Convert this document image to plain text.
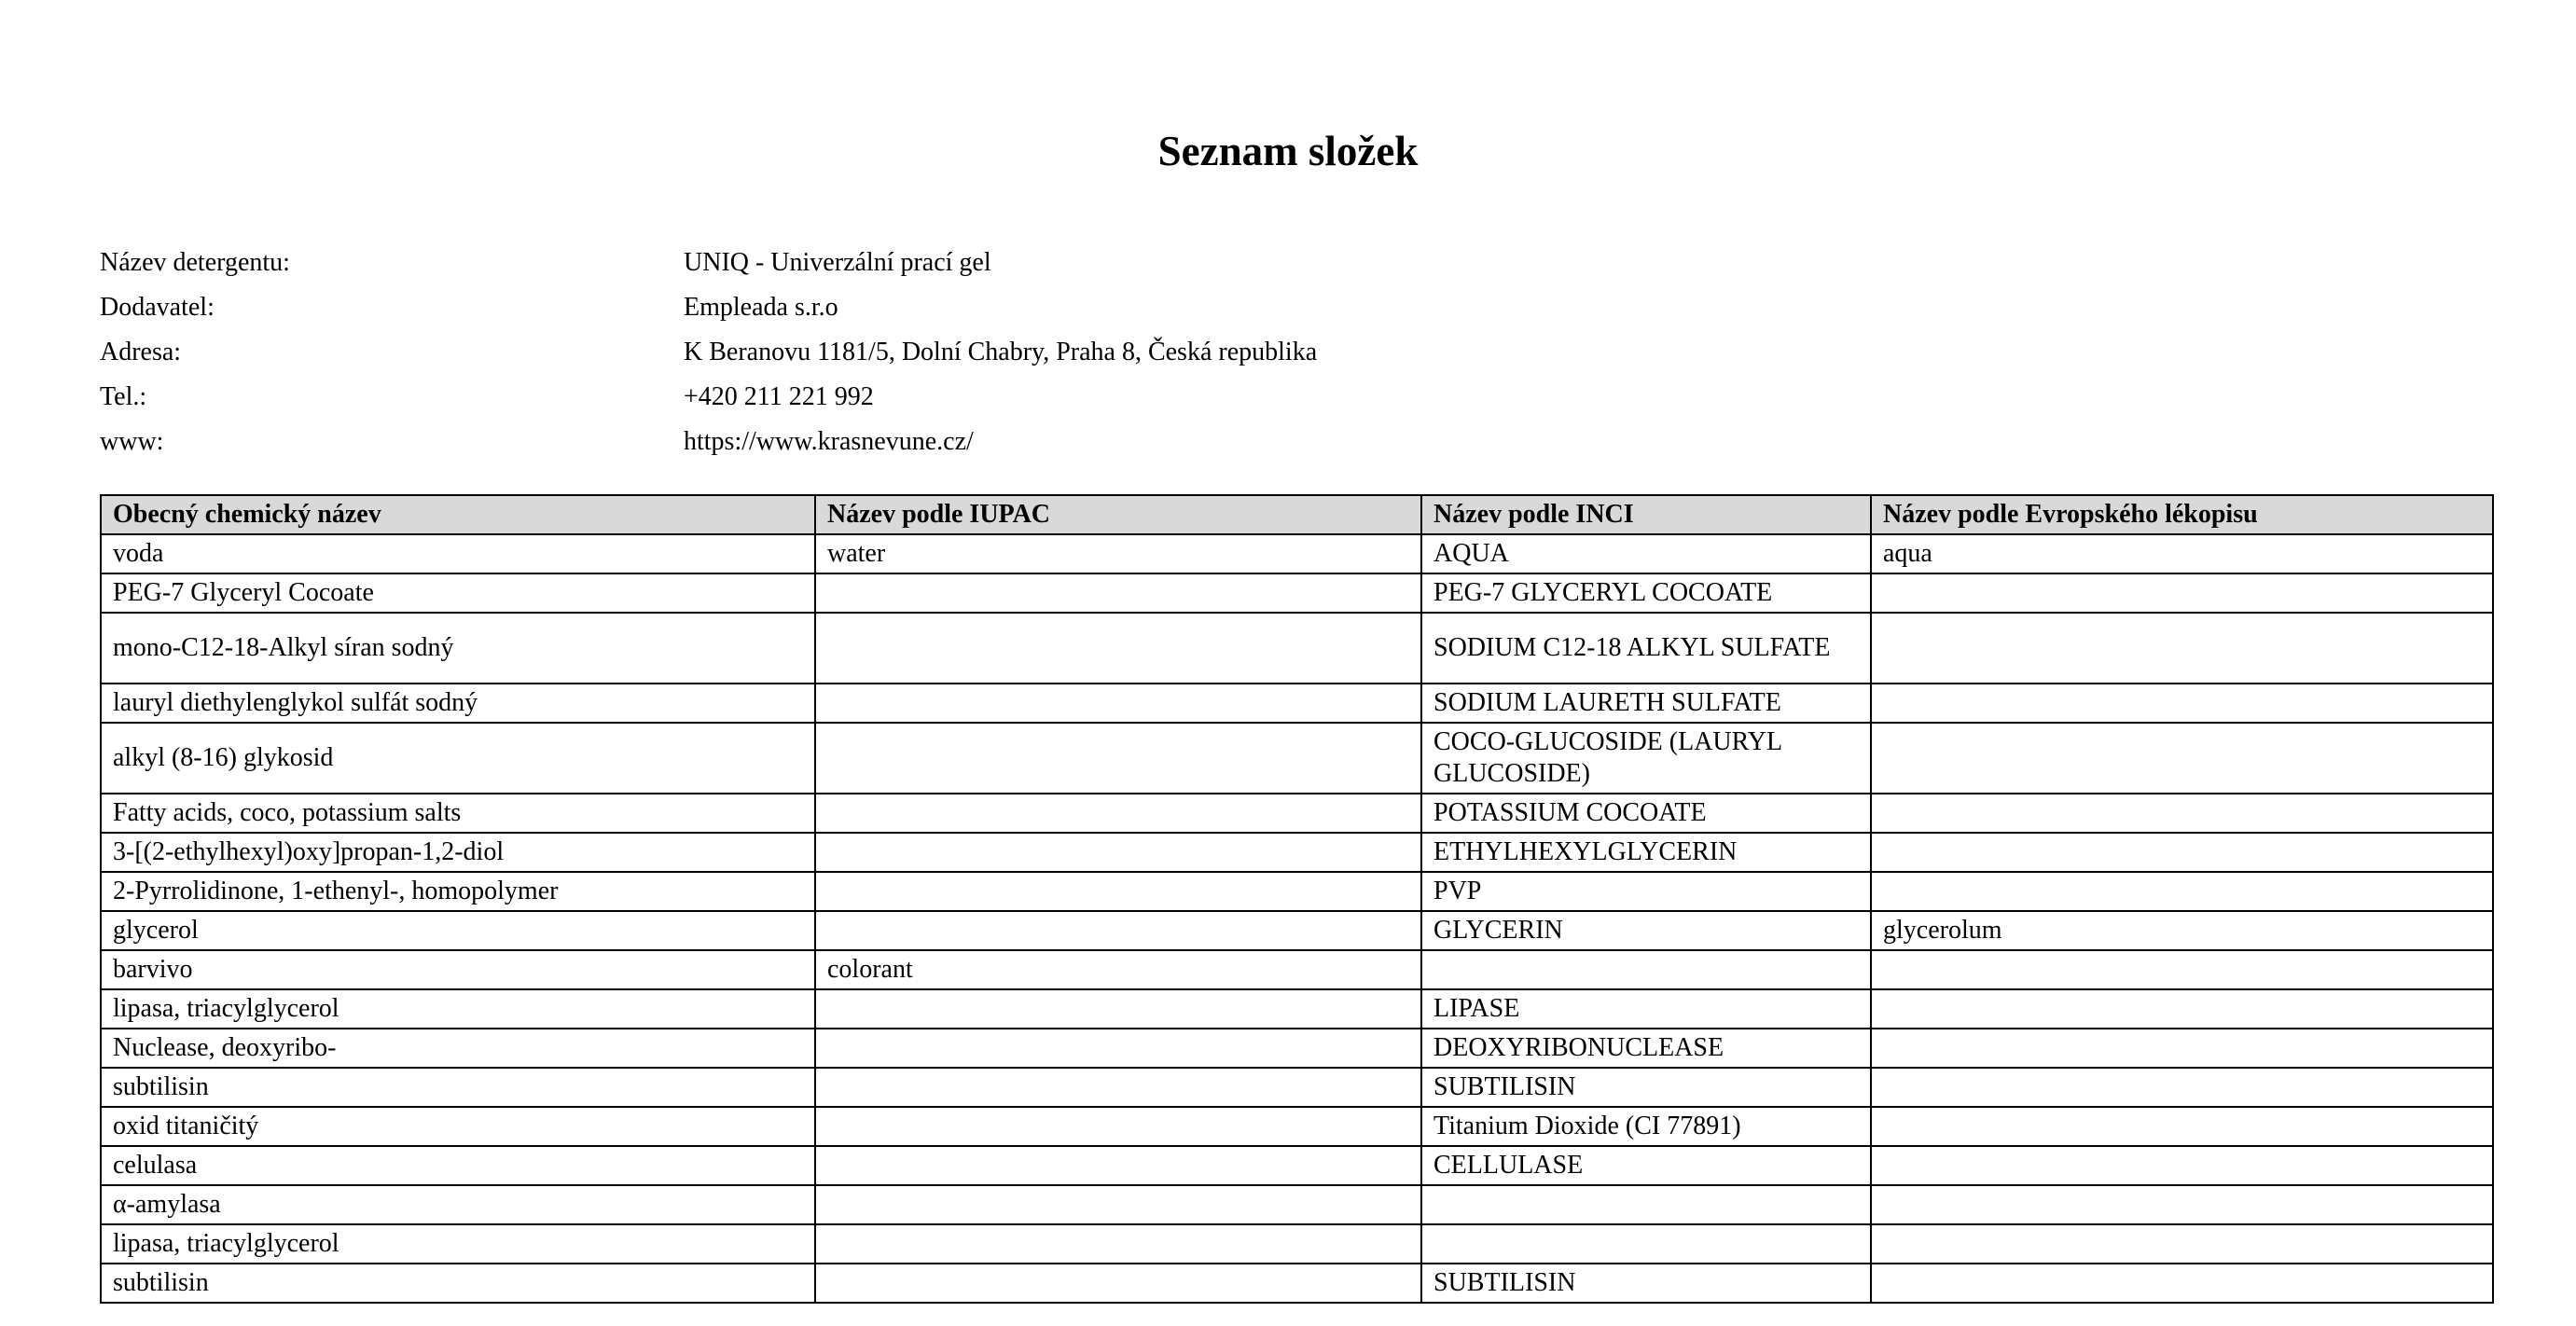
Seznam složek
Název detergentu:	UNIQ - Univerzální prací gel
Dodavatel:	Empleada s.r.o
Adresa:	K Beranovu 1181/5, Dolní Chabry, Praha 8, Česká republika
Tel.:	+420 211 221 992
www:	https://www.krasnevune.cz/
Obecný chemický název	Název podle IUPAC	Název podle INCI	Název podle Evropského lékopisu
voda	water	AQUA	aqua
PEG-7 Glyceryl Cocoate		PEG-7 GLYCERYL COCOATE	
mono-C12-18-Alkyl síran sodný		SODIUM C12-18 ALKYL SULFATE	
lauryl diethylenglykol sulfát sodný		SODIUM LAURETH SULFATE	
alkyl (8-16) glykosid		COCO-GLUCOSIDE (LAURYL GLUCOSIDE)	
Fatty acids, coco, potassium salts		POTASSIUM COCOATE	
3-[(2-ethylhexyl)oxy]propan-1,2-diol		ETHYLHEXYLGLYCERIN	
2-Pyrrolidinone, 1-ethenyl-, homopolymer		PVP	
glycerol		GLYCERIN	glycerolum
barvivo	colorant		
lipasa, triacylglycerol		LIPASE	
Nuclease, deoxyribo-		DEOXYRIBONUCLEASE	
subtilisin		SUBTILISIN	
oxid titaničitý		Titanium Dioxide (CI 77891)	
celulasa		CELLULASE	
α-amylasa			
lipasa, triacylglycerol			
subtilisin		SUBTILISIN	
